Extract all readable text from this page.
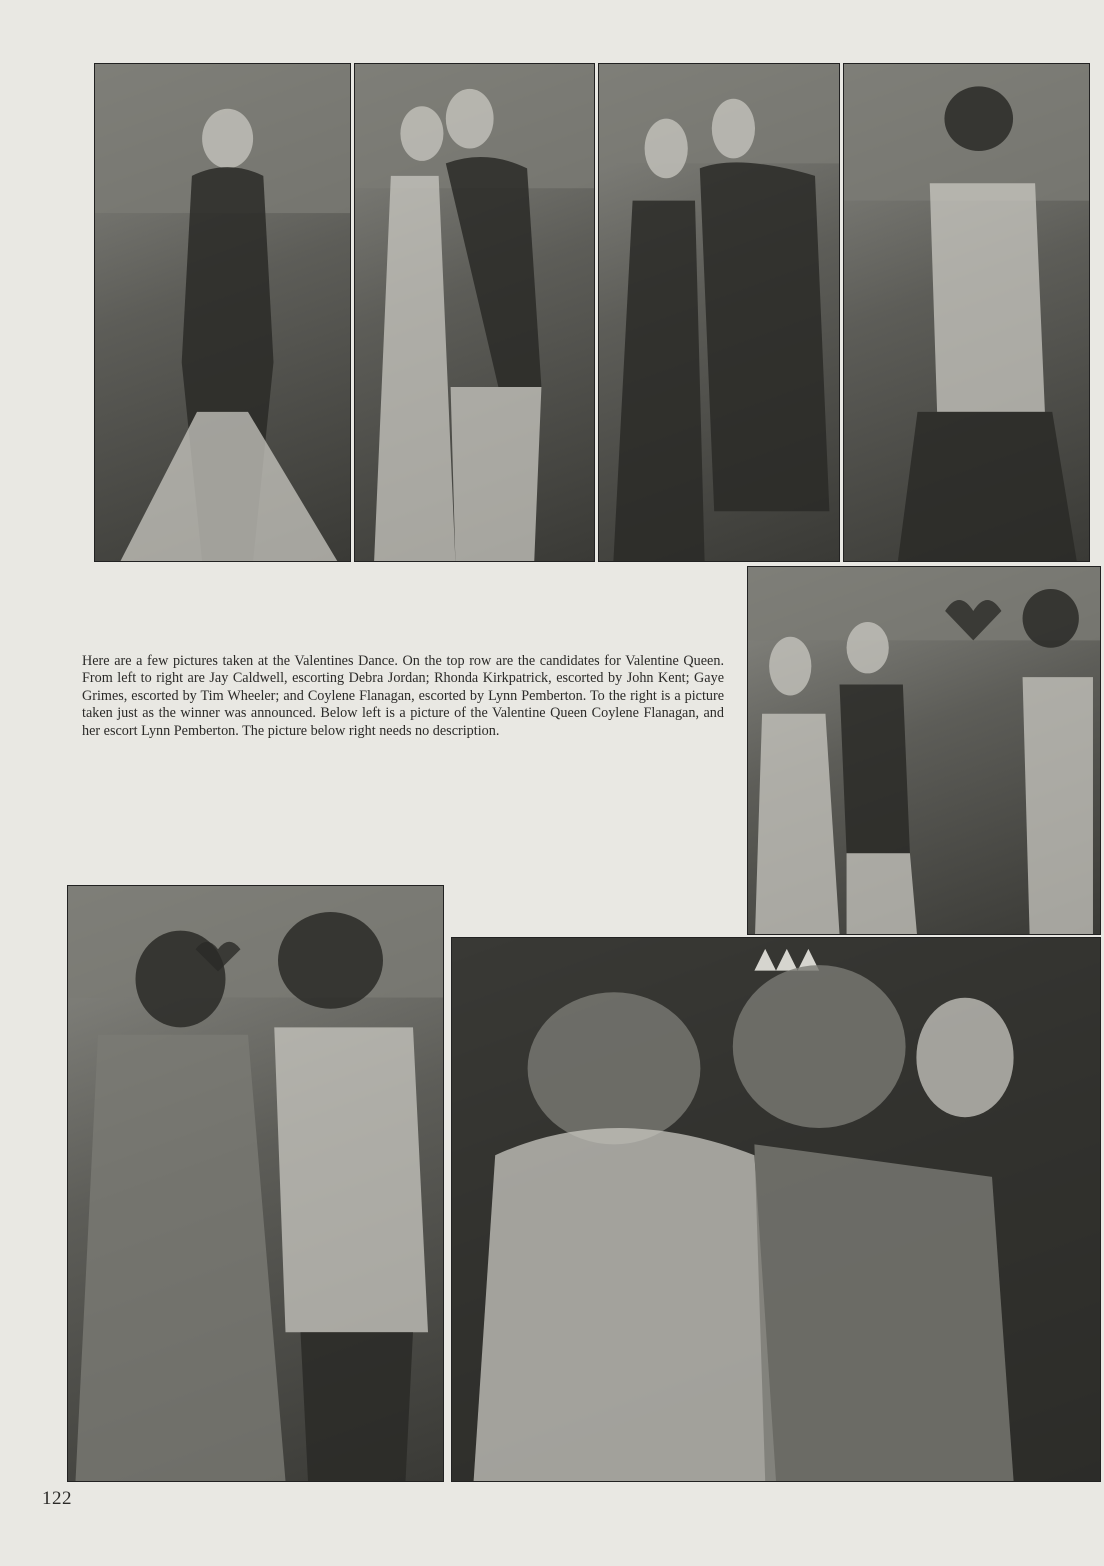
Here are a few pictures taken at the Valentines Dance. On the top row are the candidates for Valentine Queen. From left to right are Jay Caldwell, escorting Debra Jordan; Rhonda Kirkpatrick, escorted by John Kent; Gaye Grimes, escorted by Tim Wheeler; and Coylene Flanagan, escorted by Lynn Pemberton. To the right is a picture taken just as the winner was announced. Below left is a picture of the Valentine Queen Coylene Flanagan, and her escort Lynn Pemberton. The picture below right needs no description.

122
